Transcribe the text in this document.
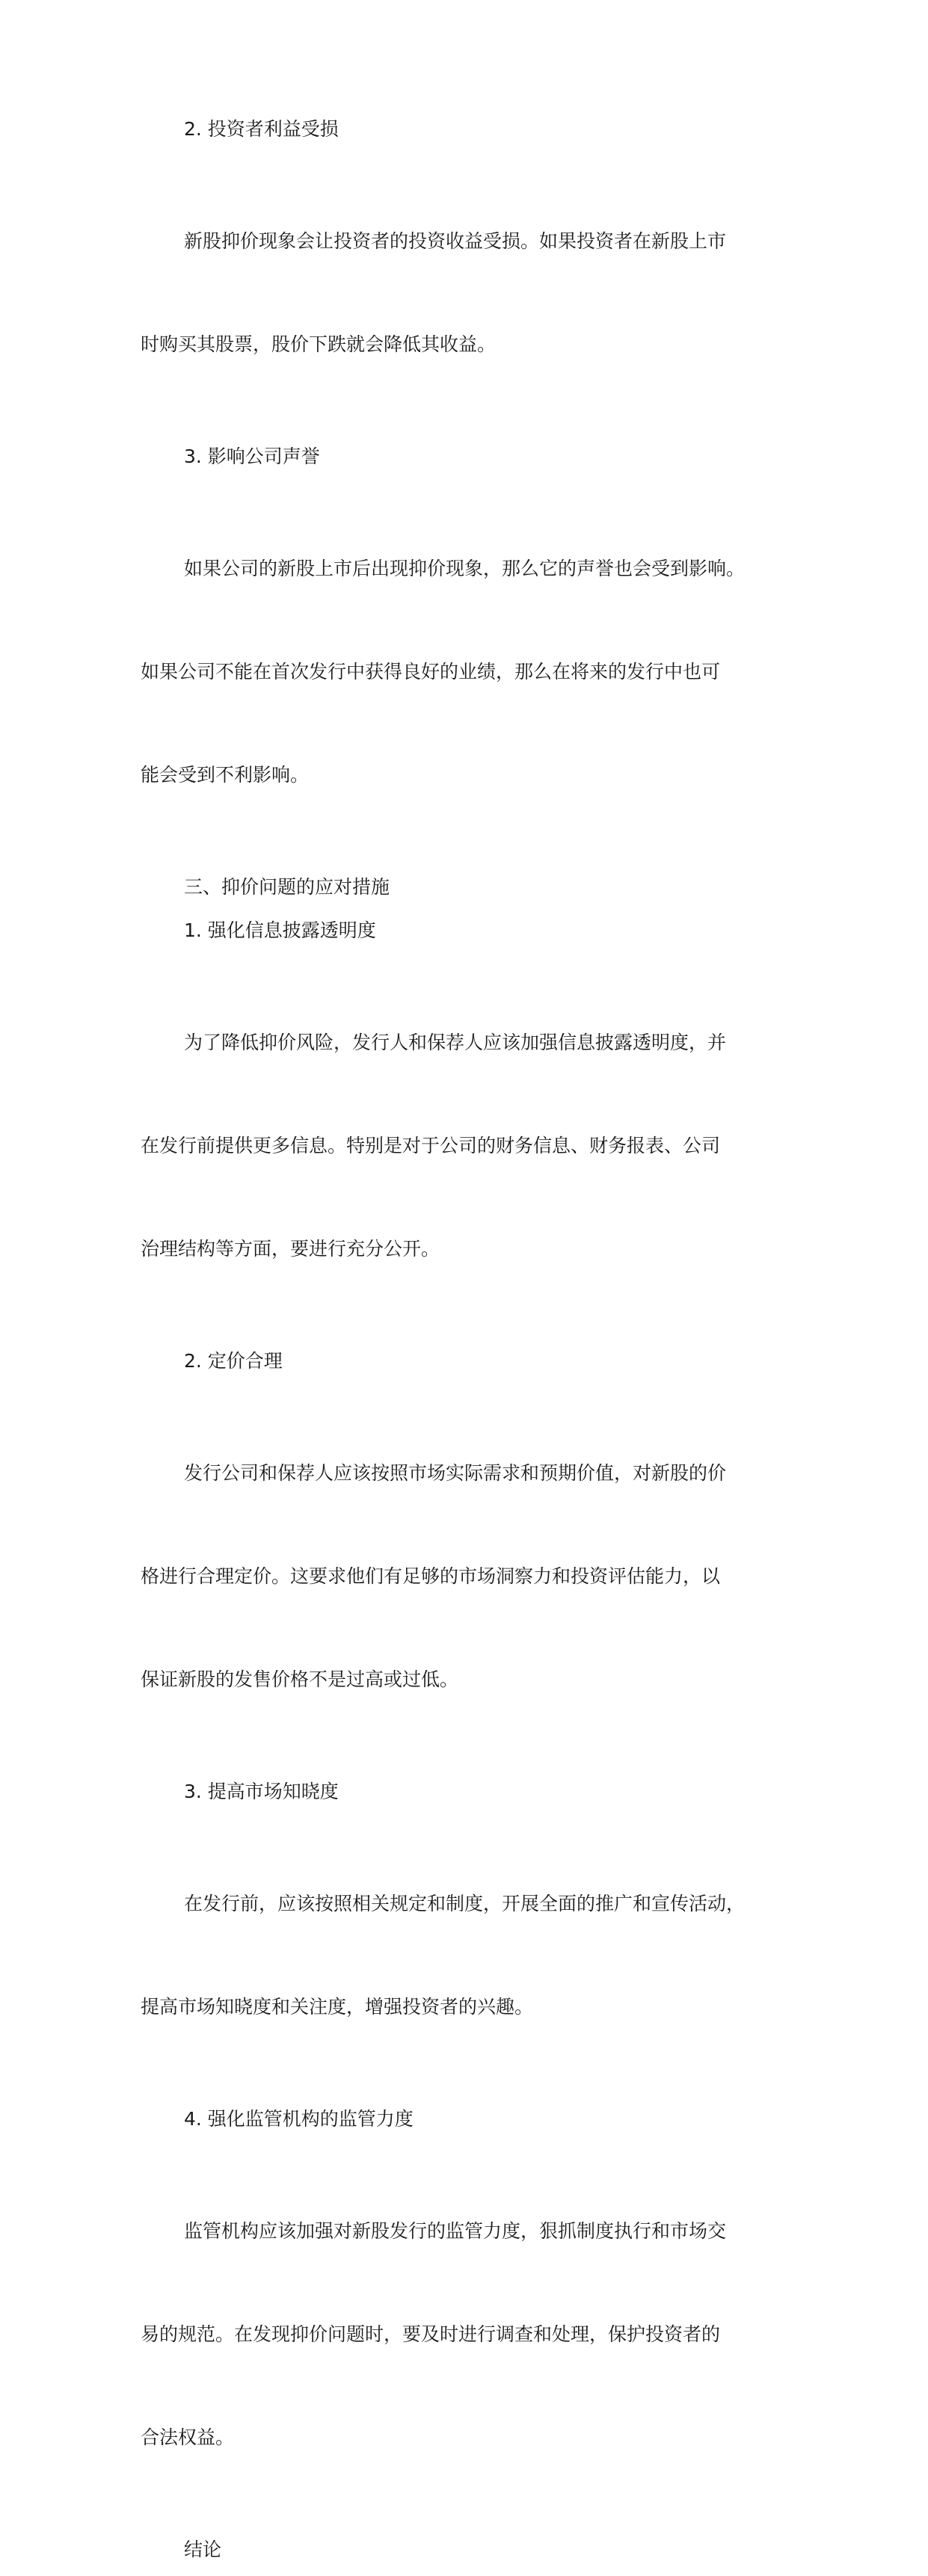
2. 投资者利益受损

新股抑价现象会让投资者的投资收益受损。如果投资者在新股上市

时购买其股票，股价下跌就会降低其收益。

3. 影响公司声誉

如果公司的新股上市后出现抑价现象，那么它的声誉也会受到影响。

如果公司不能在首次发行中获得良好的业绩，那么在将来的发行中也可

能会受到不利影响。

三、抑价问题的应对措施

1. 强化信息披露透明度

为了降低抑价风险，发行人和保荐人应该加强信息披露透明度，并

在发行前提供更多信息。特别是对于公司的财务信息、财务报表、公司

治理结构等方面，要进行充分公开。

2. 定价合理

发行公司和保荐人应该按照市场实际需求和预期价值，对新股的价

格进行合理定价。这要求他们有足够的市场洞察力和投资评估能力，以

保证新股的发售价格不是过高或过低。

3. 提高市场知晓度

在发行前，应该按照相关规定和制度，开展全面的推广和宣传活动，

提高市场知晓度和关注度，增强投资者的兴趣。

4. 强化监管机构的监管力度

监管机构应该加强对新股发行的监管力度，狠抓制度执行和市场交

易的规范。在发现抑价问题时，要及时进行调查和处理，保护投资者的

合法权益。

结论
